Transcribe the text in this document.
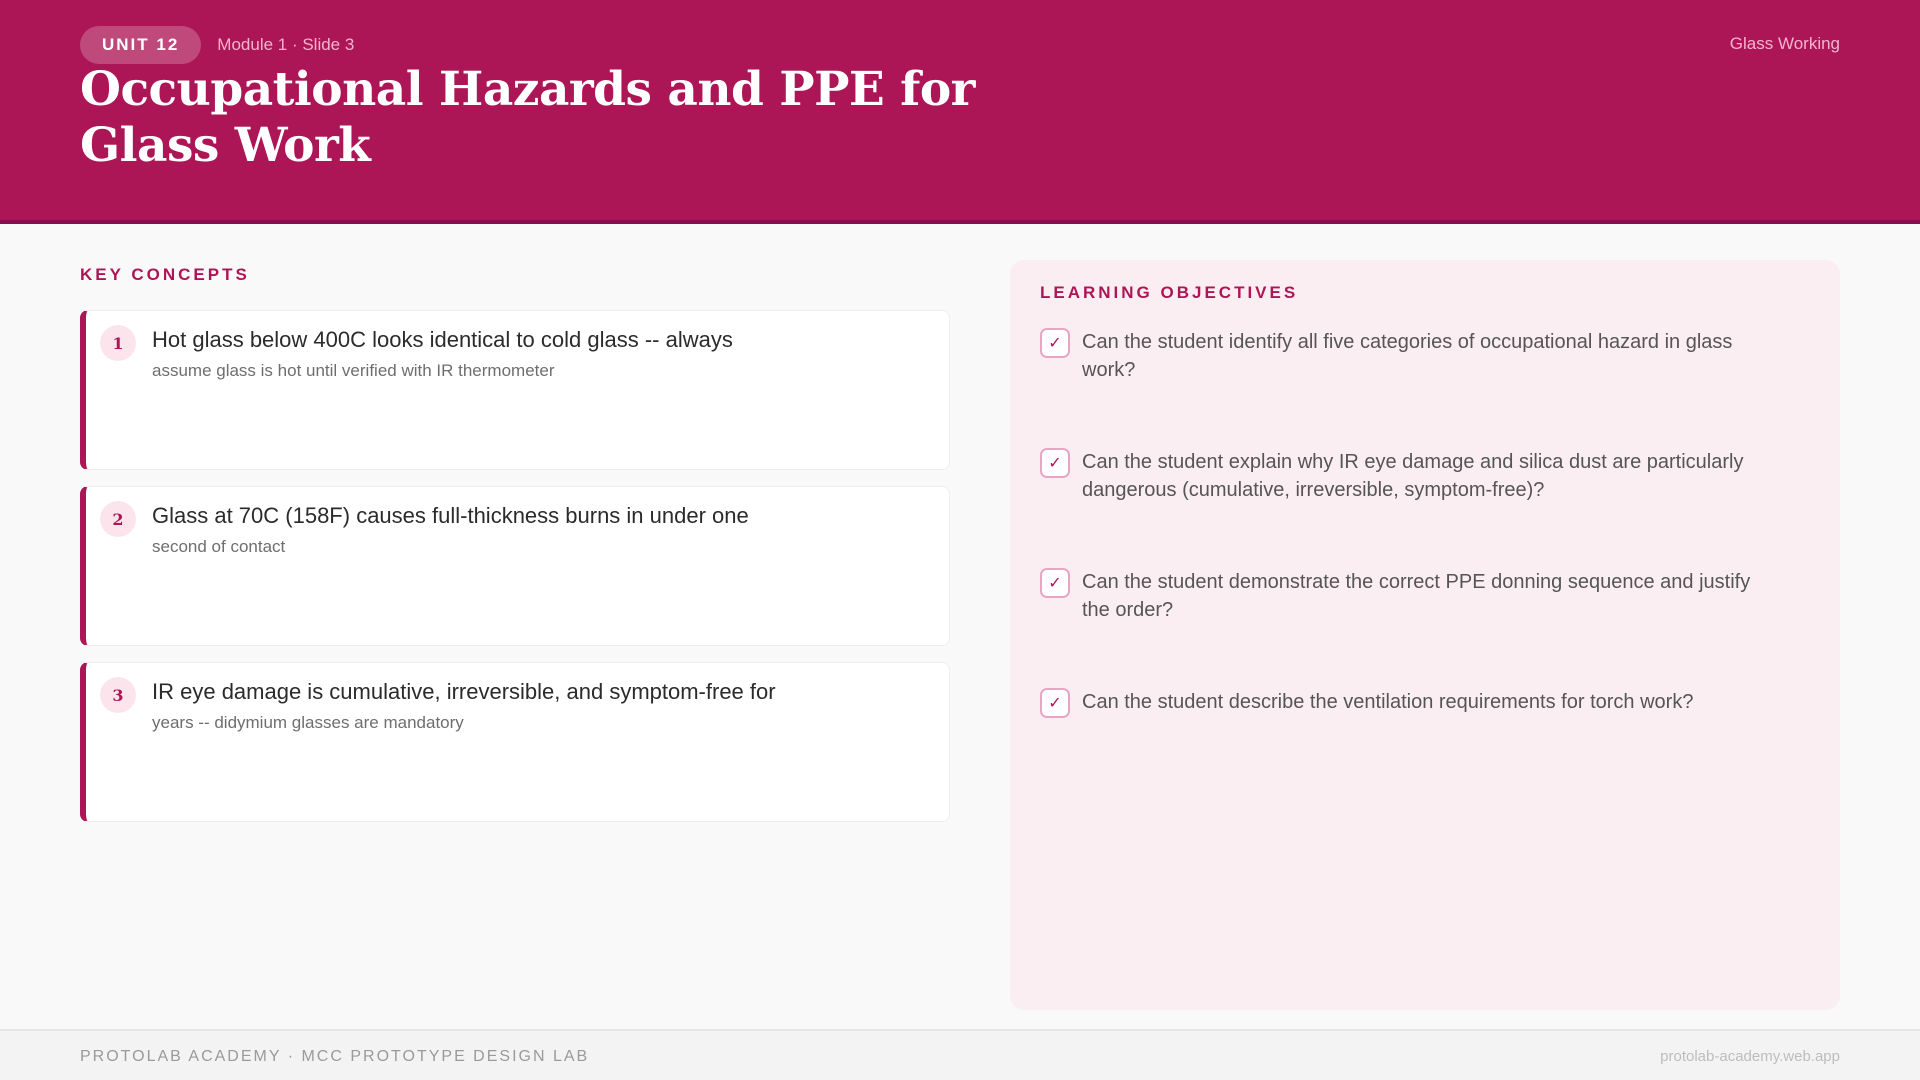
UNIT 12	Module 1 · Slide 3	Glass Working
Occupational Hazards and PPE for Glass Work
KEY CONCEPTS
1	Hot glass below 400C looks identical to cold glass -- always
assume glass is hot until verified with IR thermometer
2	Glass at 70C (158F) causes full-thickness burns in under one
second of contact
3	IR eye damage is cumulative, irreversible, and symptom-free for
years -- didymium glasses are mandatory
LEARNING OBJECTIVES
✓	Can the student identify all five categories of occupational hazard in glass work?
✓	Can the student explain why IR eye damage and silica dust are particularly dangerous (cumulative, irreversible, symptom-free)?
✓	Can the student demonstrate the correct PPE donning sequence and justify the order?
✓	Can the student describe the ventilation requirements for torch work?
PROTOLAB ACADEMY · MCC PROTOTYPE DESIGN LAB	protolab-academy.web.app
